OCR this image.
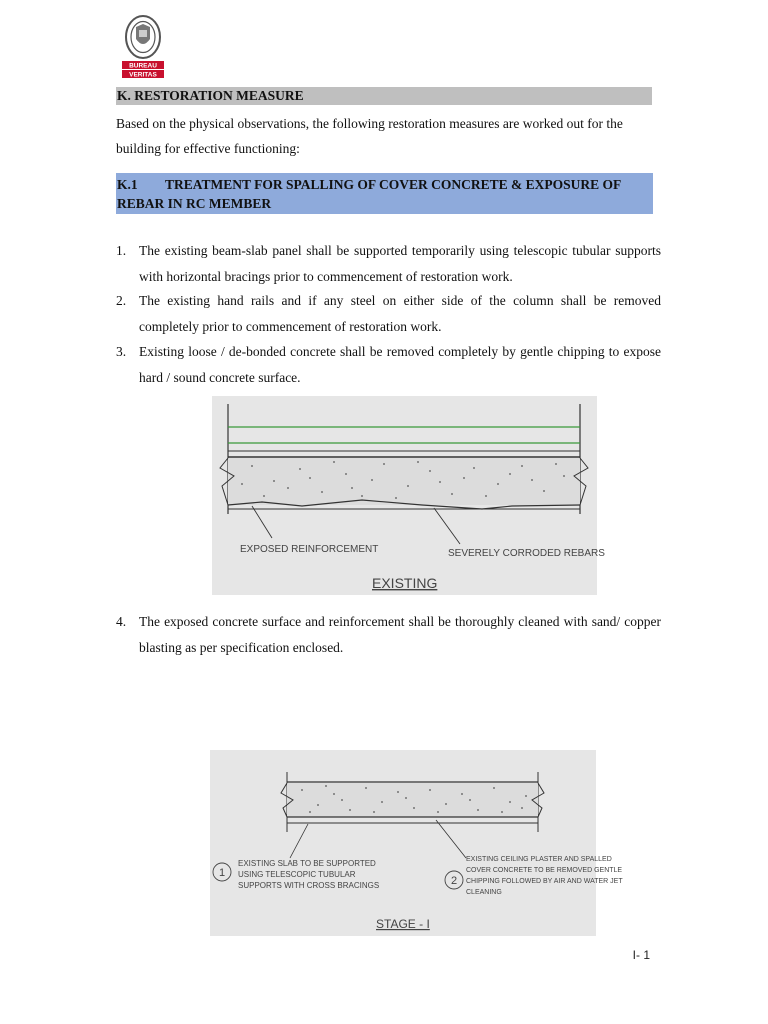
BUREAU
VERITAS
K. RESTORATION MEASURE
Based on the physical observations, the following restoration measures are worked out for the
building for effective functioning:
K.1 TREATMENT FOR SPALLING OF COVER CONCRETE & EXPOSURE OF
REBAR IN RC MEMBER
1. The existing beam-slab panel shall be supported temporarily using telescopic tubular supports with horizontal bracings prior to commencement of restoration work.
2. The existing hand rails and if any steel on either side of the column shall be removed completely prior to commencement of restoration work.
3. Existing loose / de-bonded concrete shall be removed completely by gentle chipping to expose hard / sound concrete surface.
EXPOSED REINFORCEMENT	SEVERELY CORRODED REBARS
EXISTING
4. The exposed concrete surface and reinforcement shall be thoroughly cleaned with sand/ copper blasting as per specification enclosed.
1
EXISTING SLAB TO BE SUPPORTED
USING TELESCOPIC TUBULAR
SUPPORTS WITH CROSS BRACINGS	2
EXISTING CEILING PLASTER AND SPALLED
COVER CONCRETE TO BE REMOVED GENTLE
CHIPPING FOLLOWED BY AIR AND WATER JET
CLEANING
STAGE - I
I- 1
